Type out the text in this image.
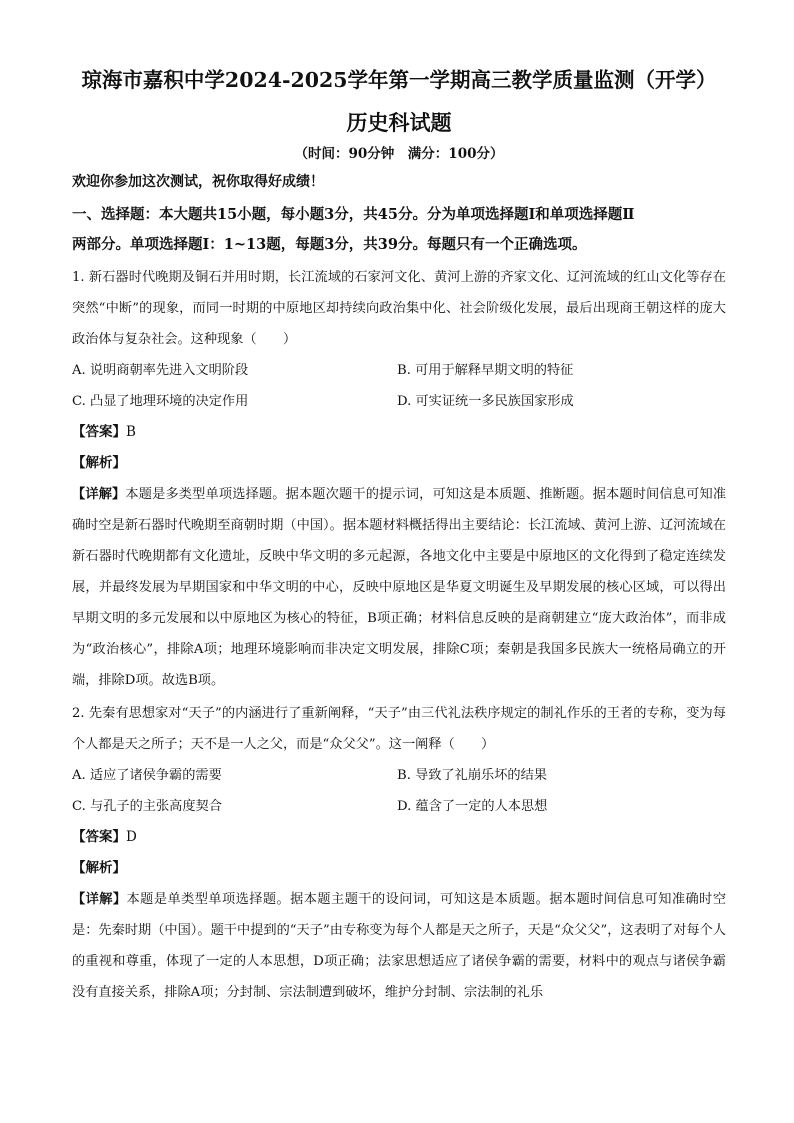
琼海市嘉积中学2024-2025学年第一学期高三教学质量监测（开学）
历史科试题
（时间：90分钟　满分：100分）
欢迎你参加这次测试，祝你取得好成绩！
一、选择题：本大题共15小题，每小题3分，共45分。分为单项选择题Ⅰ和单项选择题Ⅱ
两部分。单项选择题Ⅰ：1~13题，每题3分，共39分。每题只有一个正确选项。
1. 新石器时代晚期及铜石并用时期，长江流域的石家河文化、黄河上游的齐家文化、辽河流域的红山文化等存在突然“中断”的现象，而同一时期的中原地区却持续向政治集中化、社会阶级化发展，最后出现商王朝这样的庞大政治体与复杂社会。这种现象（　　）
A. 说明商朝率先进入文明阶段	B. 可用于解释早期文明的特征
C. 凸显了地理环境的决定作用	D. 可实证统一多民族国家形成
【答案】B
【解析】
【详解】本题是多类型单项选择题。据本题次题干的提示词，可知这是本质题、推断题。据本题时间信息可知准确时空是新石器时代晚期至商朝时期（中国）。据本题材料概括得出主要结论：长江流域、黄河上游、辽河流域在新石器时代晚期都有文化遗址，反映中华文明的多元起源，各地文化中主要是中原地区的文化得到了稳定连续发展，并最终发展为早期国家和中华文明的中心，反映中原地区是华夏文明诞生及早期发展的核心区域，可以得出早期文明的多元发展和以中原地区为核心的特征，B项正确；材料信息反映的是商朝建立“庞大政治体”，而非成为“政治核心”，排除A项；地理环境影响而非决定文明发展，排除C项；秦朝是我国多民族大一统格局确立的开端，排除D项。故选B项。
2. 先秦有思想家对“天子”的内涵进行了重新阐释，“天子”由三代礼法秩序规定的制礼作乐的王者的专称，变为每个人都是天之所子；天不是一人之父，而是“众父父”。这一阐释（　　）
A. 适应了诸侯争霸的需要	B. 导致了礼崩乐坏的结果
C. 与孔子的主张高度契合	D. 蕴含了一定的人本思想
【答案】D
【解析】
【详解】本题是单类型单项选择题。据本题主题干的设问词，可知这是本质题。据本题时间信息可知准确时空是：先秦时期（中国）。题干中提到的“天子”由专称变为每个人都是天之所子，天是“众父父”，这表明了对每个人的重视和尊重，体现了一定的人本思想，D项正确；法家思想适应了诸侯争霸的需要，材料中的观点与诸侯争霸没有直接关系，排除A项；分封制、宗法制遭到破坏，维护分封制、宗法制的礼乐
